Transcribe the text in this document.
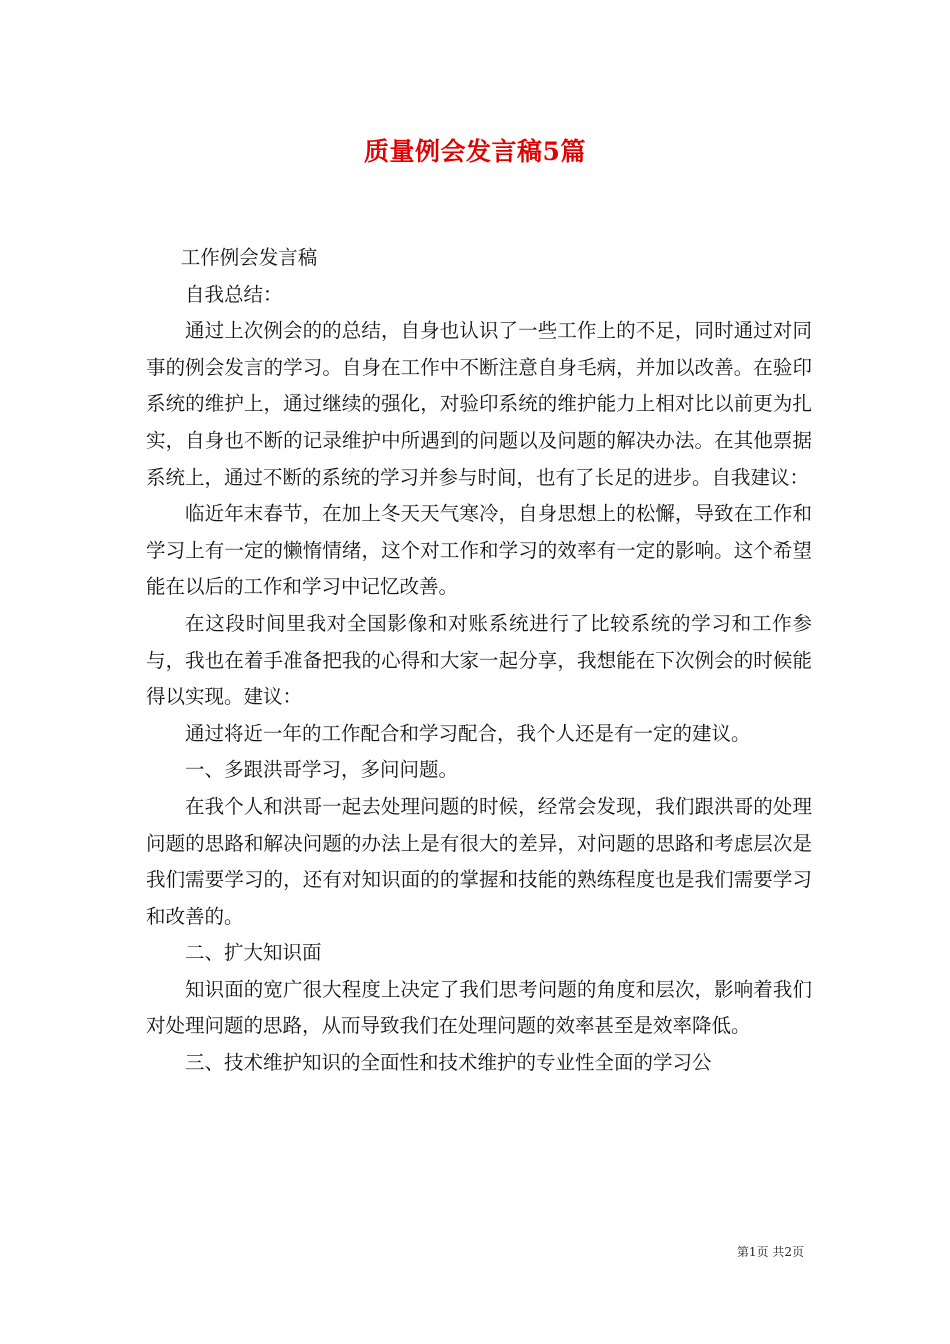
质量例会发言稿5篇

工作例会发言稿

自我总结：

通过上次例会的的总结，自身也认识了一些工作上的不足，同时通过对同事的例会发言的学习。自身在工作中不断注意自身毛病，并加以改善。在验印系统的维护上，通过继续的强化，对验印系统的维护能力上相对比以前更为扎实，自身也不断的记录维护中所遇到的问题以及问题的解决办法。在其他票据系统上，通过不断的系统的学习并参与时间，也有了长足的进步。自我建议：

临近年末春节，在加上冬天天气寒冷，自身思想上的松懈，导致在工作和学习上有一定的懒惰情绪，这个对工作和学习的效率有一定的影响。这个希望能在以后的工作和学习中记忆改善。

在这段时间里我对全国影像和对账系统进行了比较系统的学习和工作参与，我也在着手准备把我的心得和大家一起分享，我想能在下次例会的时候能得以实现。建议：

通过将近一年的工作配合和学习配合，我个人还是有一定的建议。

一、多跟洪哥学习，多问问题。

在我个人和洪哥一起去处理问题的时候，经常会发现，我们跟洪哥的处理问题的思路和解决问题的办法上是有很大的差异，对问题的思路和考虑层次是我们需要学习的，还有对知识面的的掌握和技能的熟练程度也是我们需要学习和改善的。

二、扩大知识面

知识面的宽广很大程度上决定了我们思考问题的角度和层次，影响着我们对处理问题的思路，从而导致我们在处理问题的效率甚至是效率降低。

三、技术维护知识的全面性和技术维护的专业性全面的学习公

第1页 共2页
